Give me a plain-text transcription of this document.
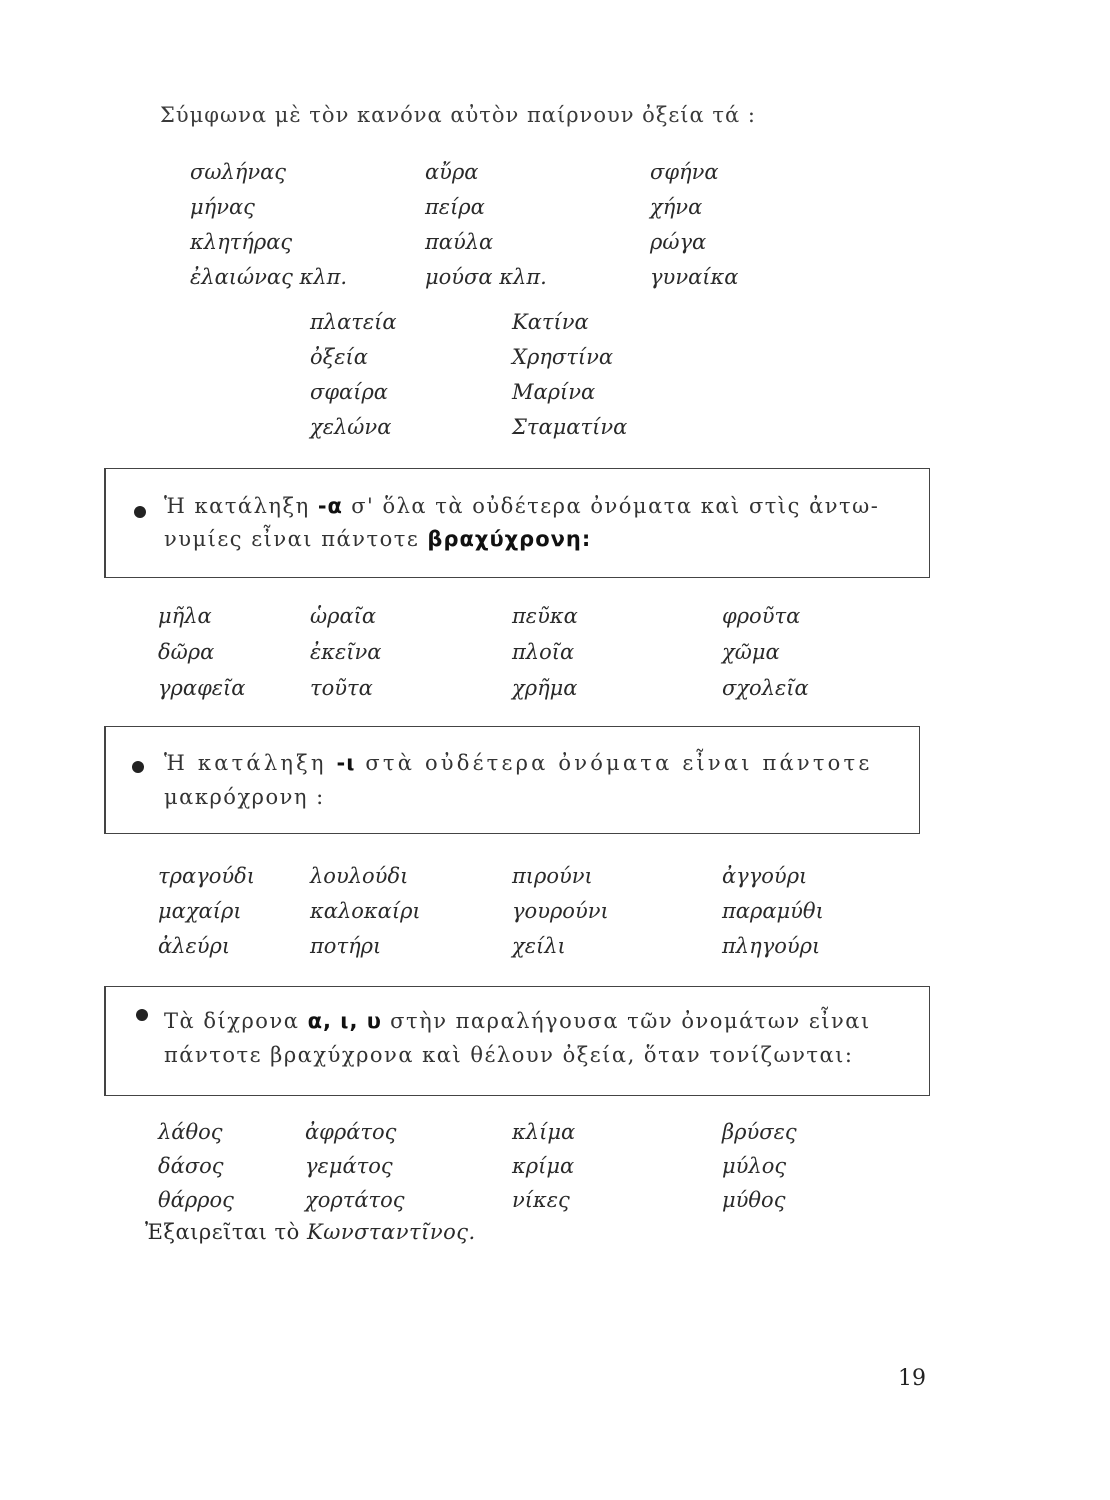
Σύμφωνα μὲ τὸν κανόνα αὐτὸν παίρνουν ὀξεία τά :
σωλήνας
μήνας
κλητήρας
ἐλαιώνας κλπ.
αὔρα
πείρα
παύλα
μούσα κλπ.
σφήνα
χήνα
ρώγα
γυναίκα
πλατεία
ὀξεία
σφαίρα
χελώνα
Κατίνα
Χρηστίνα
Μαρίνα
Σταματίνα
Ἡ κατάληξη -α σ' ὅλα τὰ οὐδέτερα ὀνόματα καὶ στὶς ἀντω-
νυμίες εἶναι πάντοτε βραχύχρονη:
μῆλα
δῶρα
γραφεῖα
ὡραῖα
ἐκεῖνα
τοῦτα
πεῦκα
πλοῖα
χρῆμα
φροῦτα
χῶμα
σχολεῖα
Ἡ κατάληξη -ι στὰ οὐδέτερα ὀνόματα εἶναι πάντοτε
μακρόχρονη :
τραγούδι
μαχαίρι
ἀλεύρι
λουλούδι
καλοκαίρι
ποτήρι
πιρούνι
γουρούνι
χείλι
ἀγγούρι
παραμύθι
πληγούρι
Τὰ δίχρονα α, ι, υ στὴν παραλήγουσα τῶν ὀνομάτων εἶναι
πάντοτε βραχύχρονα καὶ θέλουν ὀξεία, ὅταν τονίζωνται:
λάθος
δάσος
θάρρος
ἀφράτος
γεμάτος
χορτάτος
κλίμα
κρίμα
νίκες
βρύσες
μύλος
μύθος
Ἐξαιρεῖται τὸ Κωνσταντῖνος.
19
